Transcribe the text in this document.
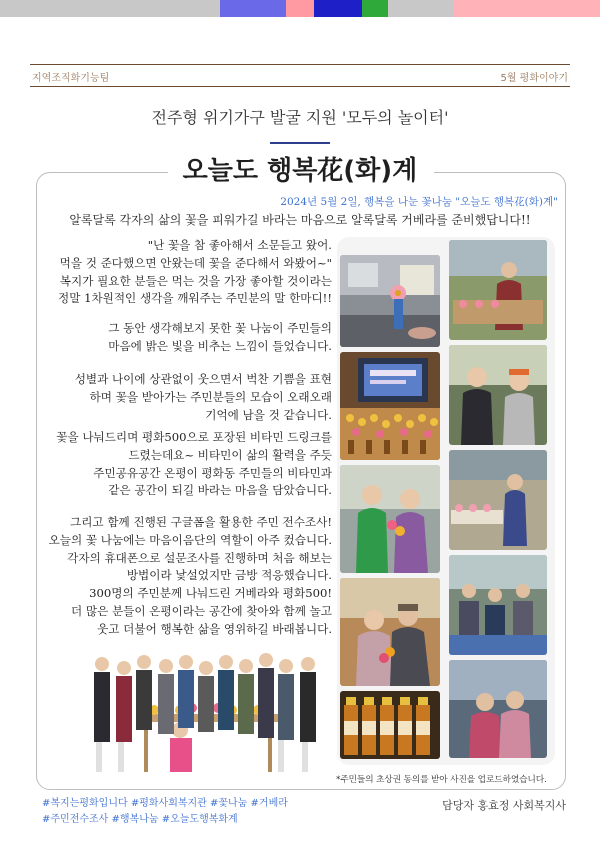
지역조직화기능팀	5월 평화이야기
전주형 위기가구 발굴 지원 '모두의 놀이터'
오늘도 행복花(화)계
2024년 5월 2일, 행복을 나눈 꽃나눔 "오늘도 행복花(화)계"
알록달록 각자의 삶의 꽃을 피워가길 바라는 마음으로 알록달록 거베라를 준비했답니다!!
"난 꽃을 참 좋아해서 소문듣고 왔어.
먹을 것 준다했으면 안왔는데 꽃을 준다해서 와봤어~"
복지가 필요한 분들은 먹는 것을 가장 좋아할 것이라는
정말 1차원적인 생각을 깨워주는 주민분의 말 한마디!!
그 동안 생각해보지 못한 꽃 나눔이 주민들의
마음에 밝은 빛을 비추는 느낌이 들었습니다.
성별과 나이에 상관없이 웃으면서 벅찬 기쁨을 표현
하며 꽃을 받아가는 주민분들의 모습이 오래오래
기억에 남을 것 같습니다.
꽃을 나눠드리며 평화500으로 포장된 비타민 드링크를
드렸는데요~ 비타민이 삶의 활력을 주듯
주민공유공간 온평이 평화동 주민들의 비타민과
같은 공간이 되길 바라는 마음을 담았습니다.
그리고 함께 진행된 구글폼을 활용한 주민 전수조사!
오늘의 꽃 나눔에는 마음이음단의 역할이 아주 컸습니다.
각자의 휴대폰으로 설문조사를 진행하며 처음 해보는
방법이라 낯설었지만 금방 적응했습니다.
300명의 주민분께 나눠드린 거베라와 평화500!
더 많은 분들이 온평이라는 공간에 찾아와 함께 놀고
웃고 더불어 행복한 삶을 영위하길 바래봅니다.
*주민들의 초상권 동의를 받아 사진을 업로드하였습니다.
#복지는평화입니다 #평화사회복지관 #꽃나눔 #거베라
#주민전수조사 #행복나눔 #오늘도행복화계
담당자 홍효정 사회복지사
